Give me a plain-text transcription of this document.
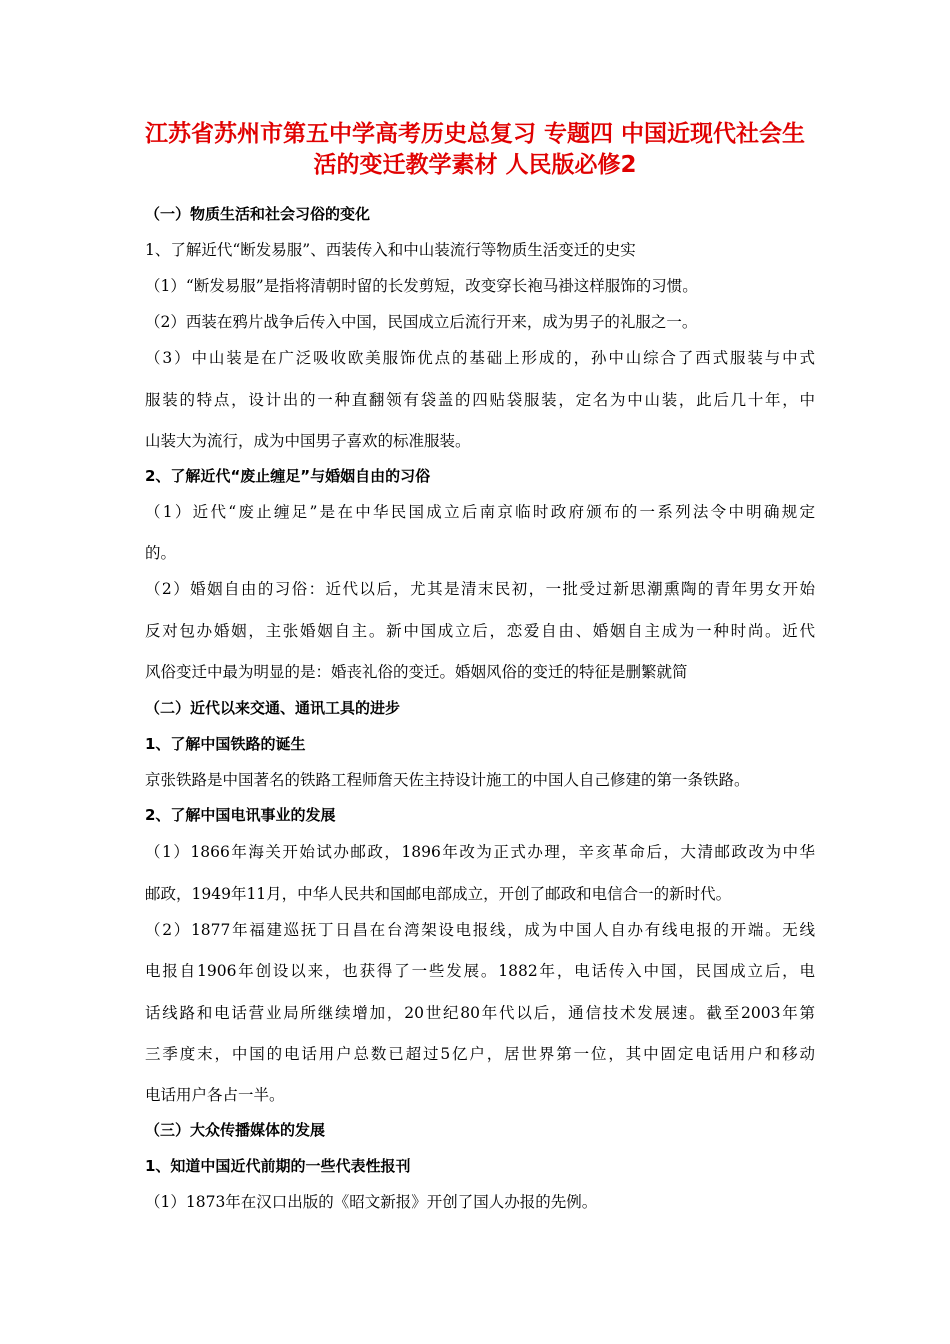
江苏省苏州市第五中学高考历史总复习 专题四 中国近现代社会生
活的变迁教学素材 人民版必修2
（一）物质生活和社会习俗的变化
1、了解近代“断发易服”、西装传入和中山装流行等物质生活变迁的史实
（1）“断发易服”是指将清朝时留的长发剪短，改变穿长袍马褂这样服饰的习惯。
（2）西装在鸦片战争后传入中国，民国成立后流行开来，成为男子的礼服之一。
（3）中山装是在广泛吸收欧美服饰优点的基础上形成的，孙中山综合了西式服装与中式
服装的特点，设计出的一种直翻领有袋盖的四贴袋服装，定名为中山装，此后几十年，中
山装大为流行，成为中国男子喜欢的标准服装。
2、了解近代“废止缠足”与婚姻自由的习俗
（1）近代“废止缠足”是在中华民国成立后南京临时政府颁布的一系列法令中明确规定
的。
（2）婚姻自由的习俗：近代以后，尤其是清末民初，一批受过新思潮熏陶的青年男女开始
反对包办婚姻，主张婚姻自主。新中国成立后，恋爱自由、婚姻自主成为一种时尚。近代
风俗变迁中最为明显的是：婚丧礼俗的变迁。婚姻风俗的变迁的特征是删繁就简
（二）近代以来交通、通讯工具的进步
1、了解中国铁路的诞生
京张铁路是中国著名的铁路工程师詹天佐主持设计施工的中国人自己修建的第一条铁路。
2、了解中国电讯事业的发展
（1）1866年海关开始试办邮政，1896年改为正式办理，辛亥革命后，大清邮政改为中华
邮政，1949年11月，中华人民共和国邮电部成立，开创了邮政和电信合一的新时代。
（2）1877年福建巡抚丁日昌在台湾架设电报线，成为中国人自办有线电报的开端。无线
电报自1906年创设以来，也获得了一些发展。1882年，电话传入中国，民国成立后，电
话线路和电话营业局所继续增加，20世纪80年代以后，通信技术发展速。截至2003年第
三季度末，中国的电话用户总数已超过5亿户，居世界第一位，其中固定电话用户和移动
电话用户各占一半。
（三）大众传播媒体的发展
1、知道中国近代前期的一些代表性报刊
（1）1873年在汉口出版的《昭文新报》开创了国人办报的先例。
